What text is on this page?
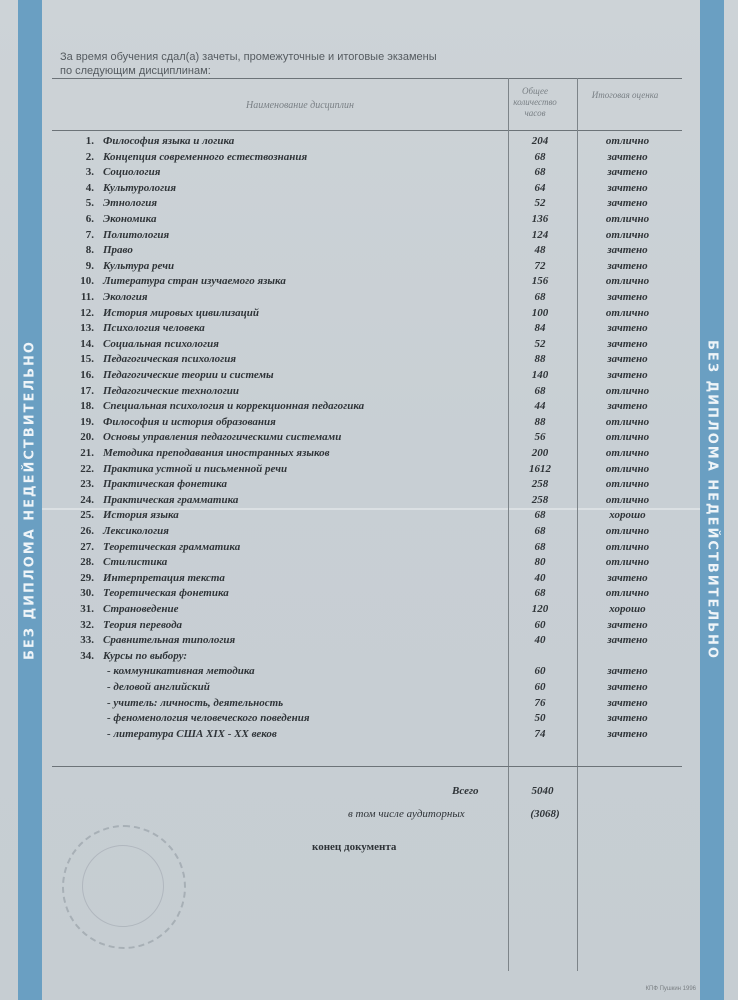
БЕЗ ДИПЛОМА НЕДЕЙСТВИТЕЛЬНО	БЕЗ ДИПЛОМА НЕДЕЙСТВИТЕЛЬНО
За время обучения сдал(а) зачеты, промежуточные и итоговые экзамены
по следующим дисциплинам:
Наименование дисциплин
Общее количество часов
Итоговая оценка
1. Философия языка и логика	204	отлично
2. Концепция современного естествознания	68	зачтено
3. Социология	68	зачтено
4. Культурология	64	зачтено
5. Этнология	52	зачтено
6. Экономика	136	отлично
7. Политология	124	отлично
8. Право	48	зачтено
9. Культура речи	72	зачтено
10. Литература стран изучаемого языка	156	отлично
11. Экология	68	зачтено
12. История мировых цивилизаций	100	отлично
13. Психология человека	84	зачтено
14. Социальная психология	52	зачтено
15. Педагогическая психология	88	зачтено
16. Педагогические теории и системы	140	зачтено
17. Педагогические технологии	68	отлично
18. Специальная психология и коррекционная педагогика	44	зачтено
19. Философия и история образования	88	отлично
20. Основы управления педагогическими системами	56	отлично
21. Методика преподавания иностранных языков	200	отлично
22. Практика устной и письменной речи	1612	отлично
23. Практическая фонетика	258	отлично
24. Практическая грамматика	258	отлично
25. История языка	68	хорошо
26. Лексикология	68	отлично
27. Теоретическая грамматика	68	отлично
28. Стилистика	80	отлично
29. Интерпретация текста	40	зачтено
30. Теоретическая фонетика	68	отлично
31. Страноведение	120	хорошо
32. Теория перевода	60	зачтено
33. Сравнительная типология	40	зачтено
34. Курсы по выбору:
- коммуникативная методика	60	зачтено
- деловой английский	60	зачтено
- учитель: личность, деятельность	76	зачтено
- феноменология человеческого поведения	50	зачтено
- литература США XIX - XX веков	74	зачтено
Всего	5040
в том числе аудиторных	(3068)
конец документа
КПФ Пушкин 1996
